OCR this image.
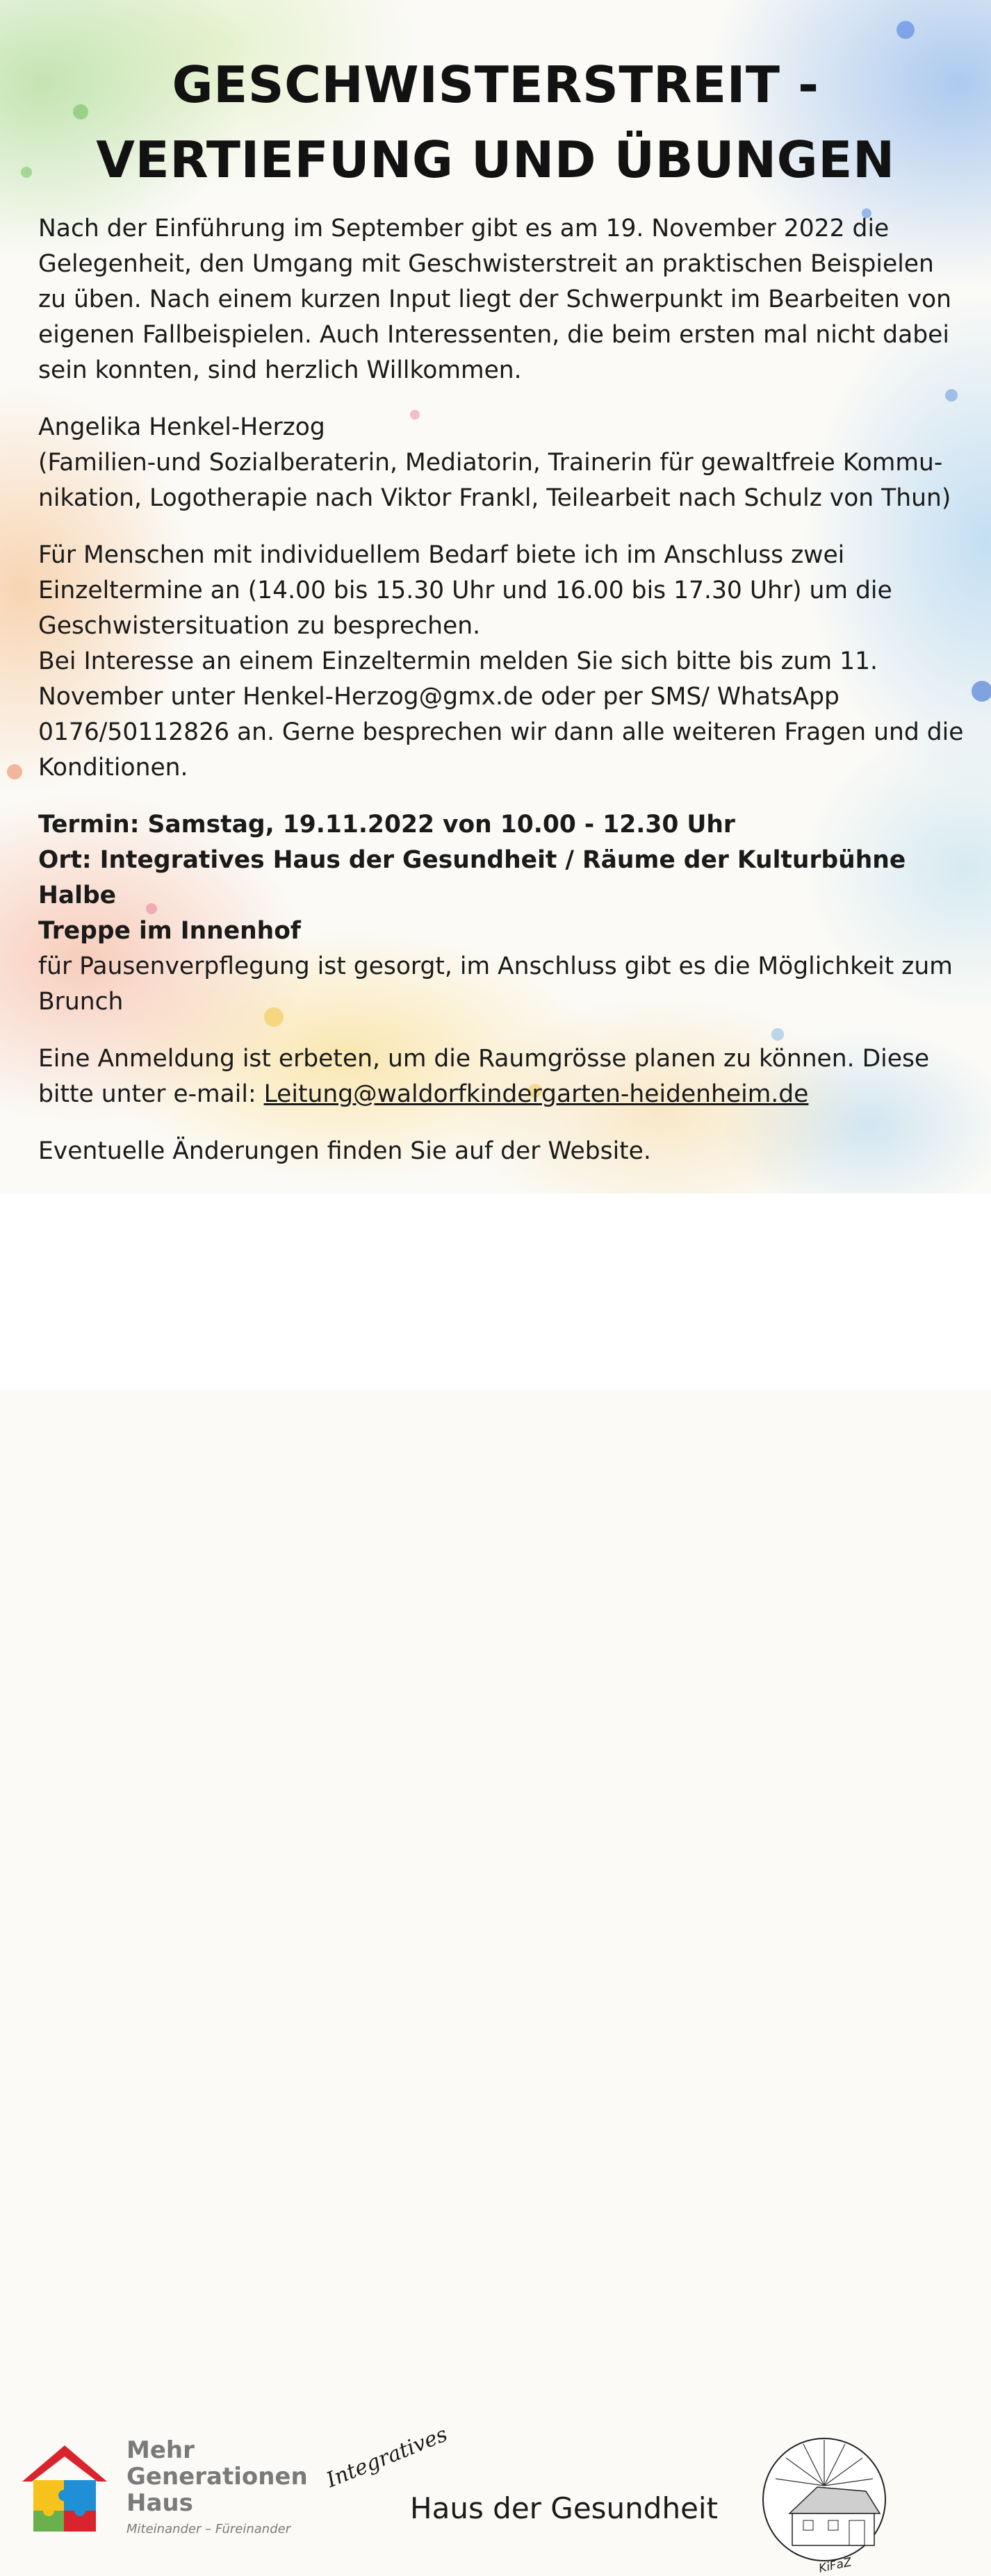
GESCHWISTERSTREIT -
VERTIEFUNG UND ÜBUNGEN

Nach der Einführung im September gibt es am 19. November 2022 die
Gelegenheit, den Umgang mit Geschwisterstreit an praktischen Beispielen
zu üben. Nach einem kurzen Input liegt der Schwerpunkt im Bearbeiten von
eigenen Fallbeispielen. Auch Interessenten, die beim ersten mal nicht dabei
sein konnten, sind herzlich Willkommen.

Angelika Henkel-Herzog
(Familien-und Sozialberaterin, Mediatorin, Trainerin für gewaltfreie Kommu-
nikation, Logotherapie nach Viktor Frankl, Teilearbeit nach Schulz von Thun)

Für Menschen mit individuellem Bedarf biete ich im Anschluss zwei
Einzeltermine an (14.00 bis 15.30 Uhr und 16.00 bis 17.30 Uhr) um die
Geschwistersituation zu besprechen.
Bei Interesse an einem Einzeltermin melden Sie sich bitte bis zum 11.
November unter Henkel-Herzog@gmx.de oder per SMS/ WhatsApp
0176/50112826 an. Gerne besprechen wir dann alle weiteren Fragen und die
Konditionen.

Termin: Samstag, 19.11.2022 von 10.00 - 12.30 Uhr
Ort: Integratives Haus der Gesundheit / Räume der Kulturbühne Halbe
Treppe im Innenhof
für Pausenverpflegung ist gesorgt, im Anschluss gibt es die Möglichkeit zum
Brunch

Eine Anmeldung ist erbeten, um die Raumgrösse planen zu können. Diese
bitte unter e-mail: Leitung@waldorfkindergarten-heidenheim.de

Eventuelle Änderungen finden Sie auf der Website.

Mehr
Generationen
Haus
Miteinander – Füreinander
Integratives
Haus der Gesundheit
KiFaZ
